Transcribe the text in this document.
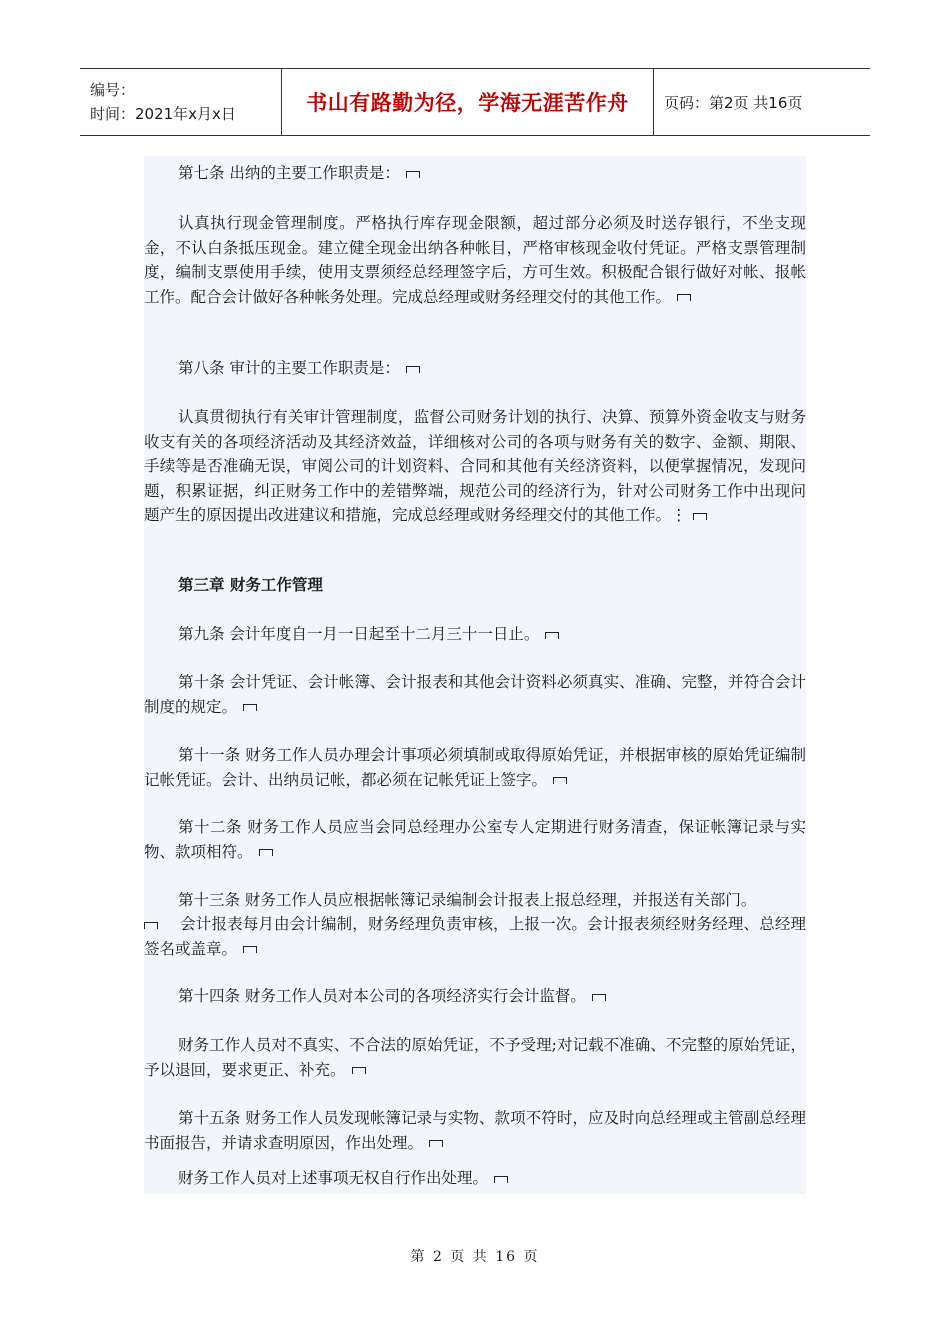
编号：
时间：2021年x月x日	书山有路勤为径，学海无涯苦作舟 页码：第2页 共16页

第七条 出纳的主要工作职责是：

认真执行现金管理制度。严格执行库存现金限额，超过部分必须及时送存银行，不坐支现金，不认白条抵压现金。建立健全现金出纳各种帐目，严格审核现金收付凭证。严格支票管理制度，编制支票使用手续，使用支票须经总经理签字后，方可生效。积极配合银行做好对帐、报帐工作。配合会计做好各种帐务处理。完成总经理或财务经理交付的其他工作。

第八条 审计的主要工作职责是：

认真贯彻执行有关审计管理制度，监督公司财务计划的执行、决算、预算外资金收支与财务收支有关的各项经济活动及其经济效益，详细核对公司的各项与财务有关的数字、金额、期限、手续等是否准确无误，审阅公司的计划资料、合同和其他有关经济资料，以便掌握情况，发现问题，积累证据，纠正财务工作中的差错弊端，规范公司的经济行为，针对公司财务工作中出现问题产生的原因提出改进建议和措施，完成总经理或财务经理交付的其他工作。⋮

第三章 财务工作管理

第九条 会计年度自一月一日起至十二月三十一日止。

第十条 会计凭证、会计帐簿、会计报表和其他会计资料必须真实、准确、完整，并符合会计制度的规定。

第十一条 财务工作人员办理会计事项必须填制或取得原始凭证，并根据审核的原始凭证编制记帐凭证。会计、出纳员记帐，都必须在记帐凭证上签字。

第十二条 财务工作人员应当会同总经理办公室专人定期进行财务清查，保证帐簿记录与实物、款项相符。

第十三条 财务工作人员应根据帐簿记录编制会计报表上报总经理，并报送有关部门。

会计报表每月由会计编制，财务经理负责审核，上报一次。会计报表须经财务经理、总经理签名或盖章。

第十四条 财务工作人员对本公司的各项经济实行会计监督。

财务工作人员对不真实、不合法的原始凭证，不予受理;对记载不准确、不完整的原始凭证，予以退回，要求更正、补充。

第十五条 财务工作人员发现帐簿记录与实物、款项不符时，应及时向总经理或主管副总经理书面报告，并请求查明原因，作出处理。

财务工作人员对上述事项无权自行作出处理。

第 2 页 共 16 页
